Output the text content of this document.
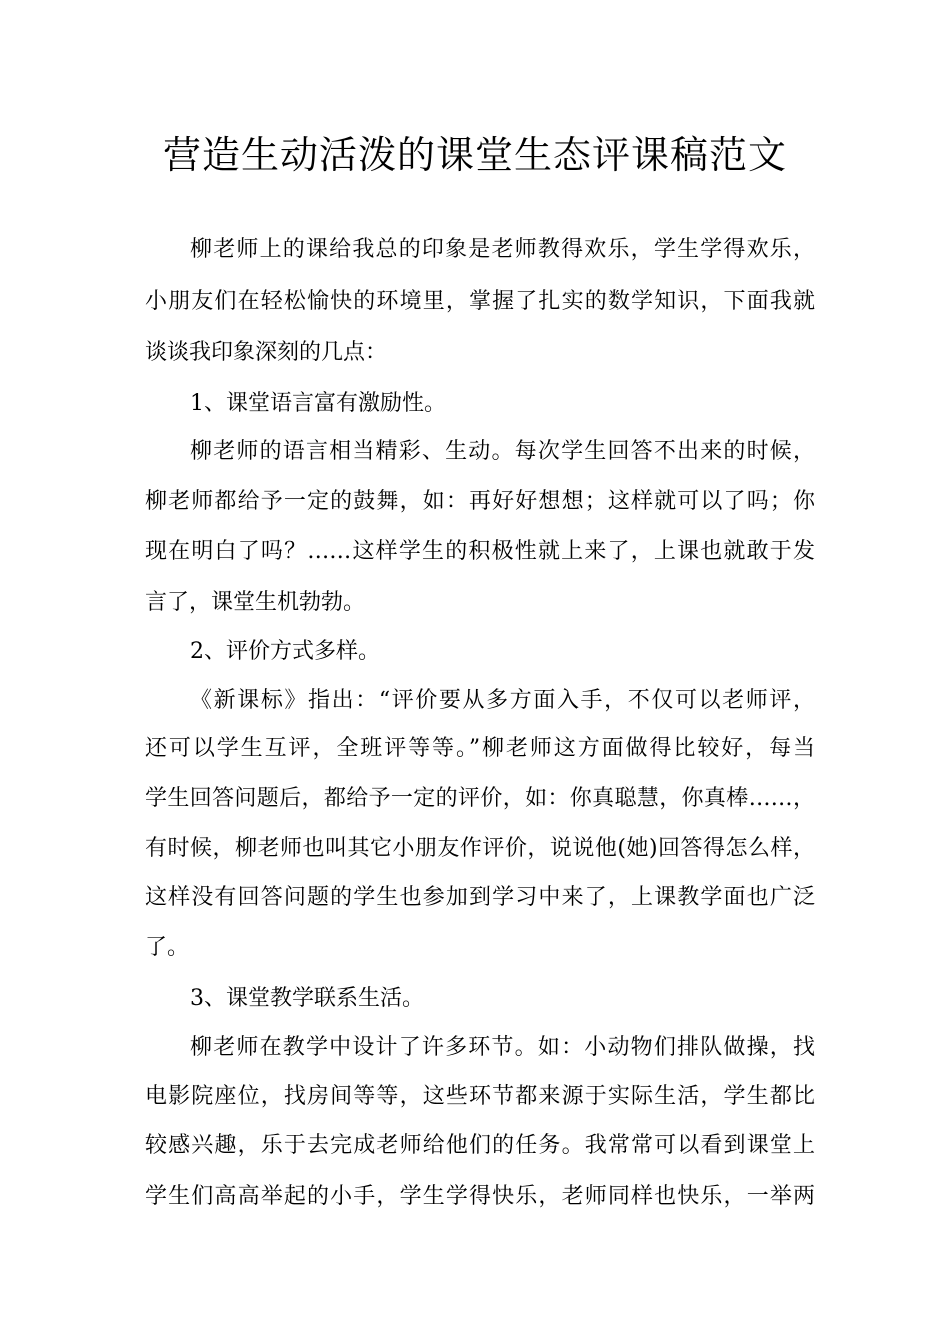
营造生动活泼的课堂生态评课稿范文
柳老师上的课给我总的印象是老师教得欢乐，学生学得欢乐，
小朋友们在轻松愉快的环境里，掌握了扎实的数学知识，下面我就
谈谈我印象深刻的几点：
1、课堂语言富有激励性。
柳老师的语言相当精彩、生动。每次学生回答不出来的时候，
柳老师都给予一定的鼓舞，如：再好好想想；这样就可以了吗；你
现在明白了吗？……这样学生的积极性就上来了，上课也就敢于发
言了，课堂生机勃勃。
2、评价方式多样。
《新课标》指出：“评价要从多方面入手，不仅可以老师评，
还可以学生互评，全班评等等。”柳老师这方面做得比较好，每当
学生回答问题后，都给予一定的评价，如：你真聪慧，你真棒……，
有时候，柳老师也叫其它小朋友作评价，说说他(她)回答得怎么样，
这样没有回答问题的学生也参加到学习中来了，上课教学面也广泛
了。
3、课堂教学联系生活。
柳老师在教学中设计了许多环节。如：小动物们排队做操，找
电影院座位，找房间等等，这些环节都来源于实际生活，学生都比
较感兴趣，乐于去完成老师给他们的任务。我常常可以看到课堂上
学生们高高举起的小手，学生学得快乐，老师同样也快乐，一举两
